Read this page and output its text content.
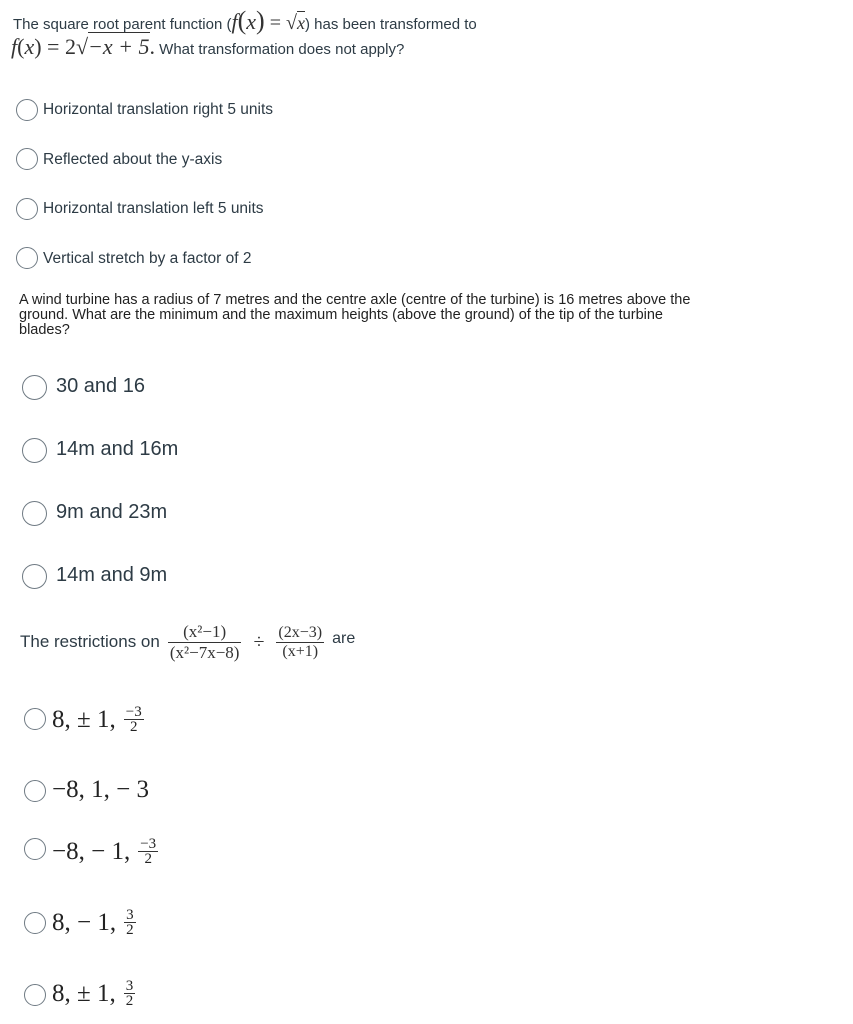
The square root parent function (f(x) = √x) has been transformed to
f(x) = 2√−x + 5. What transformation does not apply?
Horizontal translation right 5 units
Reflected about the y-axis
Horizontal translation left 5 units
Vertical stretch by a factor of 2
A wind turbine has a radius of 7 metres and the centre axle (centre of the turbine) is 16 metres above the
ground. What are the minimum and the maximum heights (above the ground) of the tip of the turbine
blades?
30 and 16
14m and 16m
9m and 23m
14m and 9m
The restrictions on $\frac{\text{(x²−1)}}{\text{(x²−7x−8)}} \div \frac{(2x-3)}{(x+1)}$ are
8, ± 1, $\frac{-3}{2}$
−8, 1, − 3
−8, − 1, $\frac{-3}{2}$
8, − 1, $\frac{3}{2}$
8, ± 1, $\frac{3}{2}$
